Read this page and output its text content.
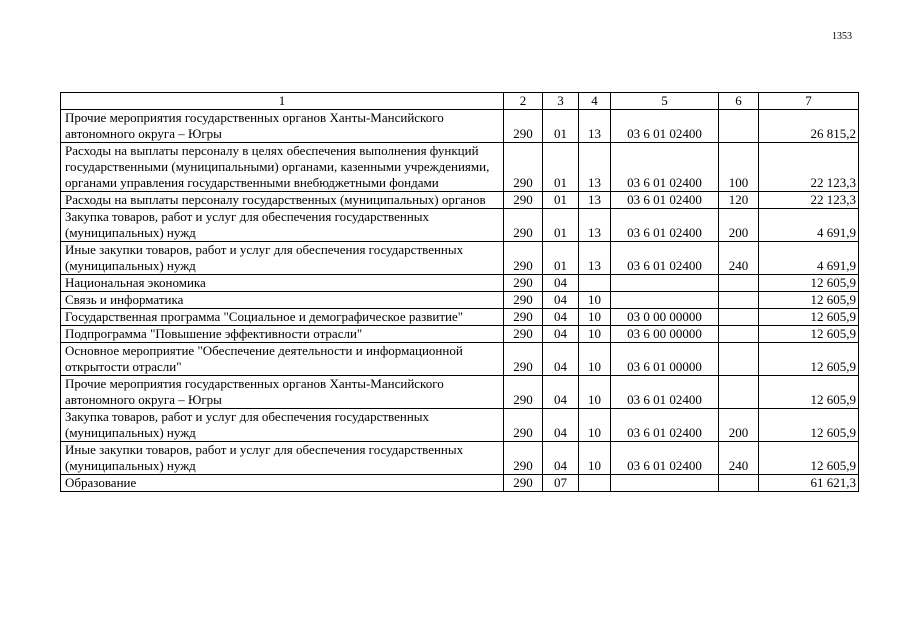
1353
1	2	3	4	5	6	7
Прочие мероприятия государственных органов Ханты-Мансийского автономного округа – Югры	290	01	13	03 6 01 02400		26 815,2
Расходы на выплаты персоналу в целях обеспечения выполнения функций государственными (муниципальными) органами, казенными учреждениями, органами управления государственными внебюджетными фондами	290	01	13	03 6 01 02400	100	22 123,3
Расходы на выплаты персоналу государственных (муниципальных) органов	290	01	13	03 6 01 02400	120	22 123,3
Закупка товаров, работ и услуг для обеспечения государственных (муниципальных) нужд	290	01	13	03 6 01 02400	200	4 691,9
Иные закупки товаров, работ и услуг для обеспечения государственных (муниципальных) нужд	290	01	13	03 6 01 02400	240	4 691,9
Национальная экономика	290	04				12 605,9
Связь и информатика	290	04	10			12 605,9
Государственная программа "Социальное и демографическое развитие"	290	04	10	03 0 00 00000		12 605,9
Подпрограмма "Повышение эффективности отрасли"	290	04	10	03 6 00 00000		12 605,9
Основное мероприятие "Обеспечение деятельности и информационной открытости отрасли"	290	04	10	03 6 01 00000		12 605,9
Прочие мероприятия государственных органов Ханты-Мансийского автономного округа – Югры	290	04	10	03 6 01 02400		12 605,9
Закупка товаров, работ и услуг для обеспечения государственных (муниципальных) нужд	290	04	10	03 6 01 02400	200	12 605,9
Иные закупки товаров, работ и услуг для обеспечения государственных (муниципальных) нужд	290	04	10	03 6 01 02400	240	12 605,9
Образование	290	07				61 621,3
